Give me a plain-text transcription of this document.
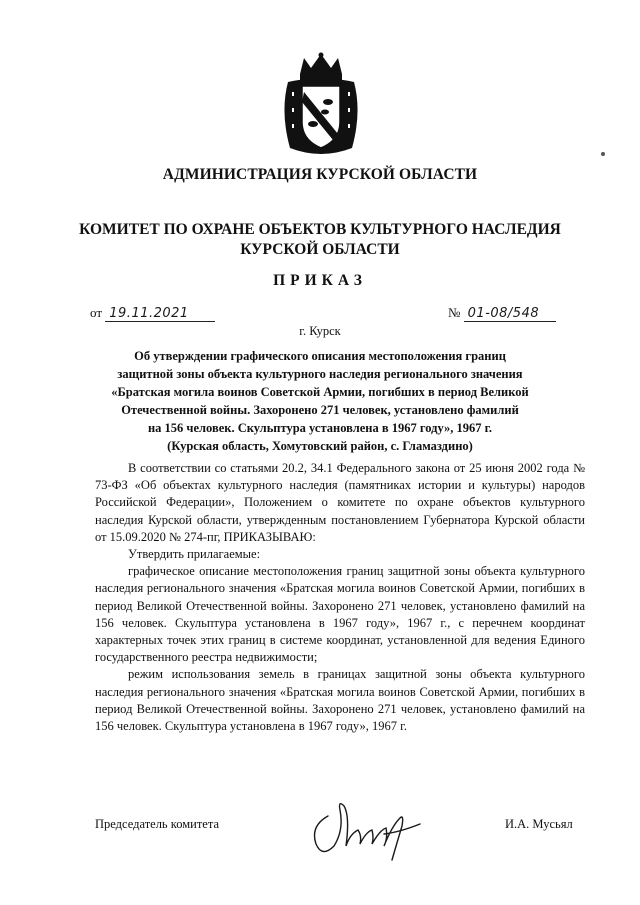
АДМИНИСТРАЦИЯ КУРСКОЙ ОБЛАСТИ
КОМИТЕТ ПО ОХРАНЕ ОБЪЕКТОВ КУЛЬТУРНОГО НАСЛЕДИЯ
КУРСКОЙ ОБЛАСТИ
ПРИКАЗ
от 19.11.2021	№ 01-08/548
г. Курск
Об утверждении графического описания местоположения границ
защитной зоны объекта культурного наследия регионального значения
«Братская могила воинов Советской Армии, погибших в период Великой
Отечественной войны. Захоронено 271 человек, установлено фамилий
на 156 человек. Скульптура установлена в 1967 году», 1967 г.
(Курская область, Хомутовский район, с. Гламаздино)

В соответствии со статьями 20.2, 34.1 Федерального закона от 25 июня 2002 года № 73-ФЗ «Об объектах культурного наследия (памятниках истории и культуры) народов Российской Федерации», Положением о комитете по охране объектов культурного наследия Курской области, утвержденным постановлением Губернатора Курской области от 15.09.2020 № 274-пг, ПРИКАЗЫВАЮ:

Утвердить прилагаемые:

графическое описание местоположения границ защитной зоны объекта культурного наследия регионального значения «Братская могила воинов Советской Армии, погибших в период Великой Отечественной войны. Захоронено 271 человек, установлено фамилий на 156 человек. Скульптура установлена в 1967 году», 1967 г., с перечнем координат характерных точек этих границ в системе координат, установленной для ведения Единого государственного реестра недвижимости;

режим использования земель в границах защитной зоны объекта культурного наследия регионального значения «Братская могила воинов Советской Армии, погибших в период Великой Отечественной войны. Захоронено 271 человек, установлено фамилий на 156 человек. Скульптура установлена в 1967 году», 1967 г.

Председатель комитета	И.А. Мусьял
